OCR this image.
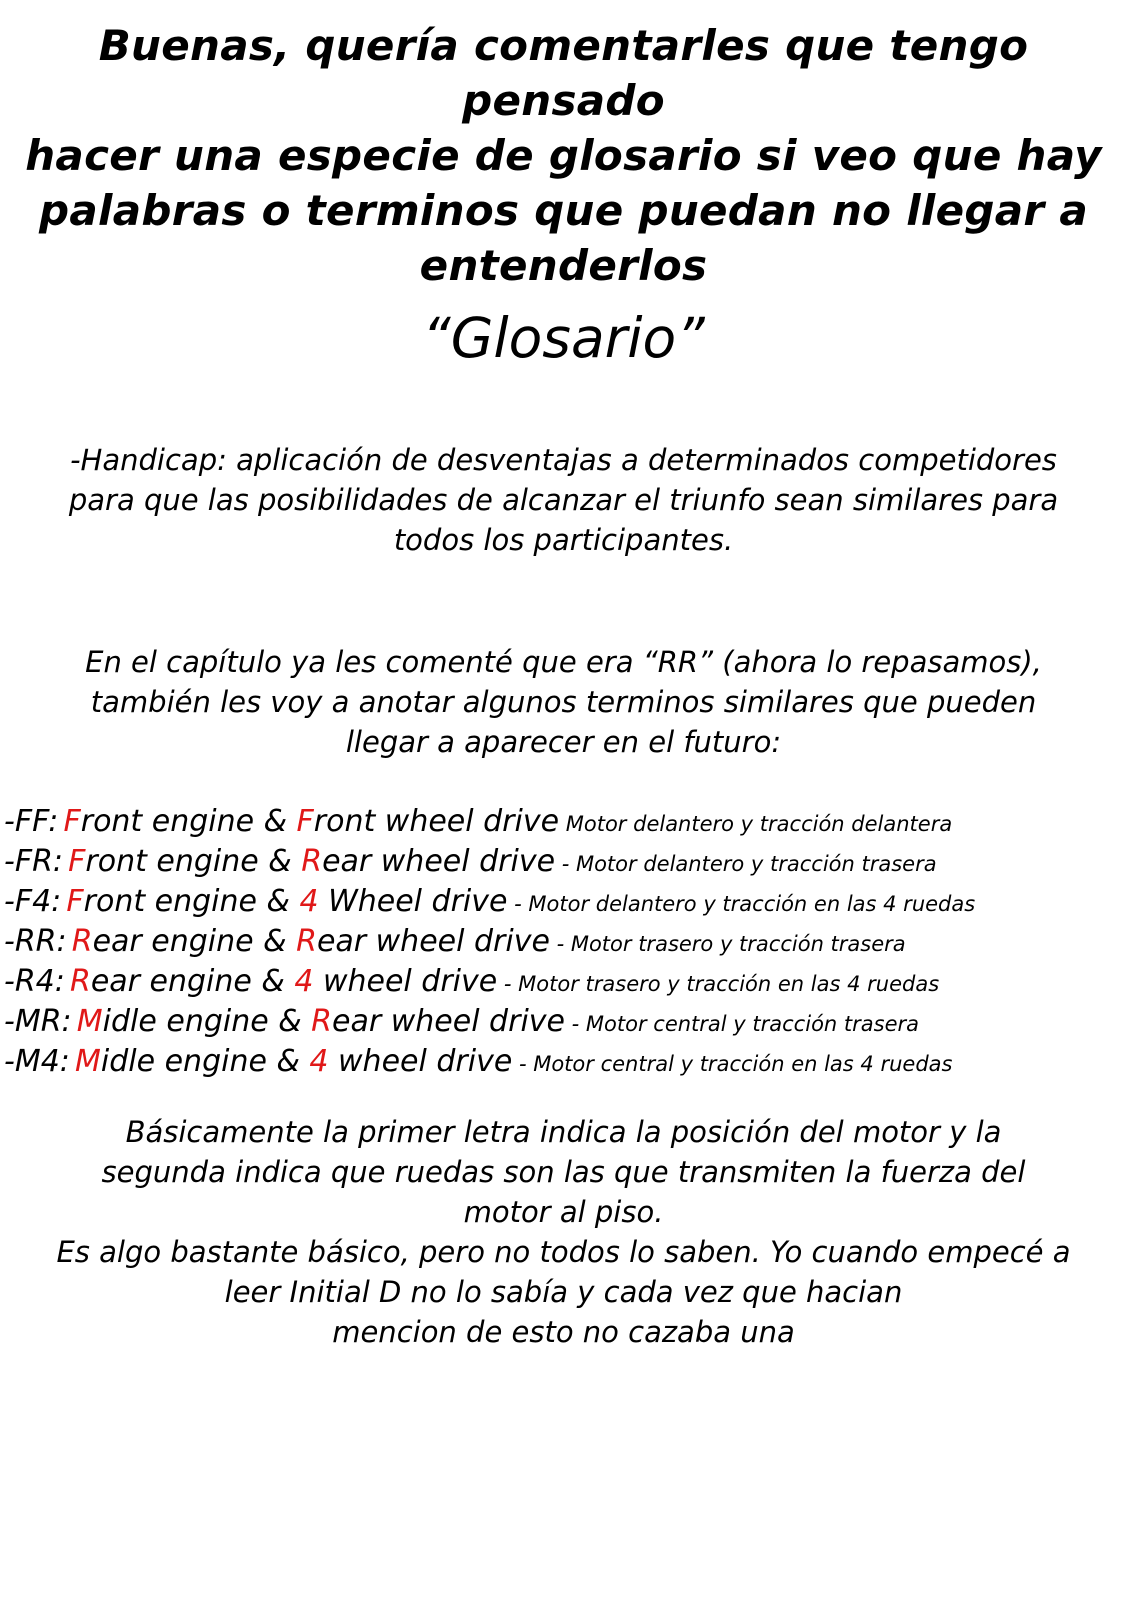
Buenas, quería comentarles que tengo pensado
hacer una especie de glosario si veo que hay
palabras o terminos que puedan no llegar a
entenderlos
“Glosario”
-Handicap: aplicación de desventajas a determinados competidores
para que las posibilidades de alcanzar el triunfo sean similares para
todos los participantes.
En el capítulo ya les comenté que era “RR” (ahora lo repasamos),
también les voy a anotar algunos terminos similares que pueden
llegar a aparecer en el futuro:
-FF: Front engine & Front wheel drive Motor delantero y tracción delantera
-FR: Front engine & Rear wheel drive - Motor delantero y tracción trasera
-F4: Front engine & 4 Wheel drive - Motor delantero y tracción en las 4 ruedas
-RR: Rear engine & Rear wheel drive - Motor trasero y tracción trasera
-R4: Rear engine & 4 wheel drive - Motor trasero y tracción en las 4 ruedas
-MR: Midle engine & Rear wheel drive - Motor central y tracción trasera
-M4: Midle engine & 4 wheel drive - Motor central y tracción en las 4 ruedas

Básicamente la primer letra indica la posición del motor y la

segunda indica que ruedas son las que transmiten la fuerza del

motor al piso.

Es algo bastante básico, pero no todos lo saben. Yo cuando empecé a

leer Initial D no lo sabía y cada vez que hacian

mencion de esto no cazaba una
